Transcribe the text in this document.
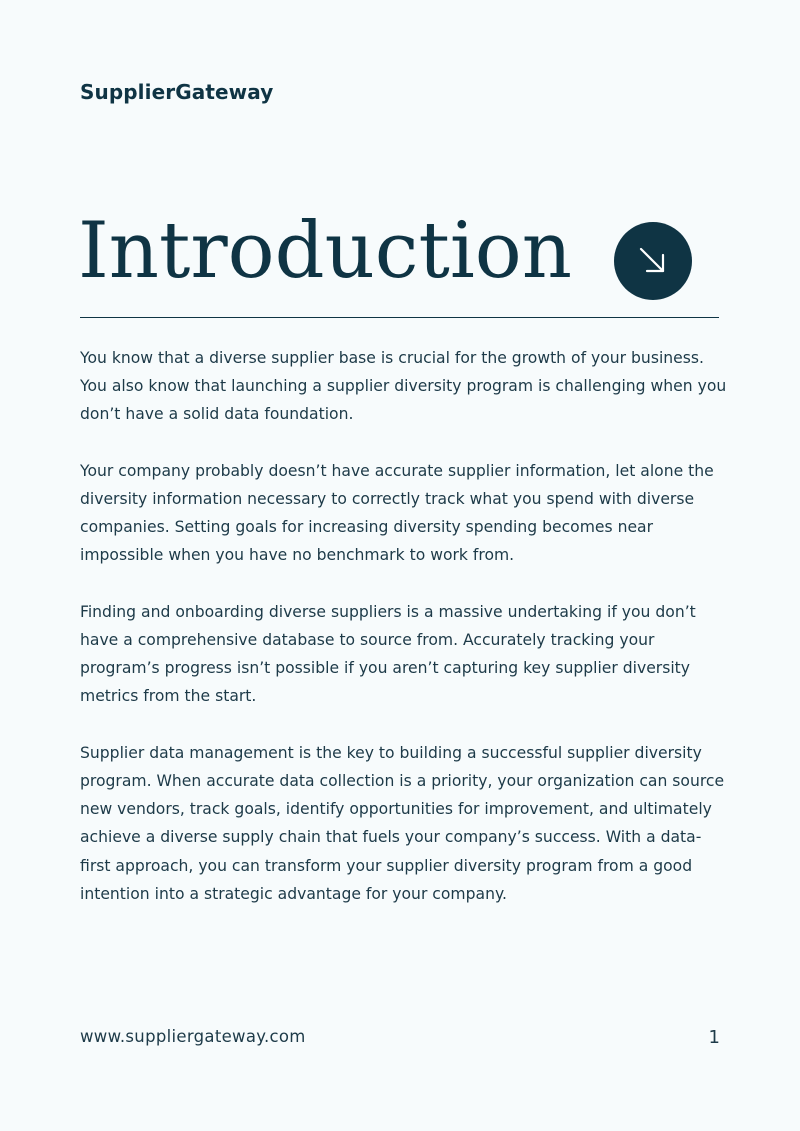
SupplierGateway
Introduction

You know that a diverse supplier base is crucial for the growth of your business. You also know that launching a supplier diversity program is challenging when you don’t have a solid data foundation.

Your company probably doesn’t have accurate supplier information, let alone the diversity information necessary to correctly track what you spend with diverse companies. Setting goals for increasing diversity spending becomes near impossible when you have no benchmark to work from.

Finding and onboarding diverse suppliers is a massive undertaking if you don’t have a comprehensive database to source from. Accurately tracking your program’s progress isn’t possible if you aren’t capturing key supplier diversity metrics from the start.

Supplier data management is the key to building a successful supplier diversity program. When accurate data collection is a priority, your organization can source new vendors, track goals, identify opportunities for improvement, and ultimately achieve a diverse supply chain that fuels your company’s success. With a data-first approach, you can transform your supplier diversity program from a good intention into a strategic advantage for your company.

www.suppliergateway.com	1
